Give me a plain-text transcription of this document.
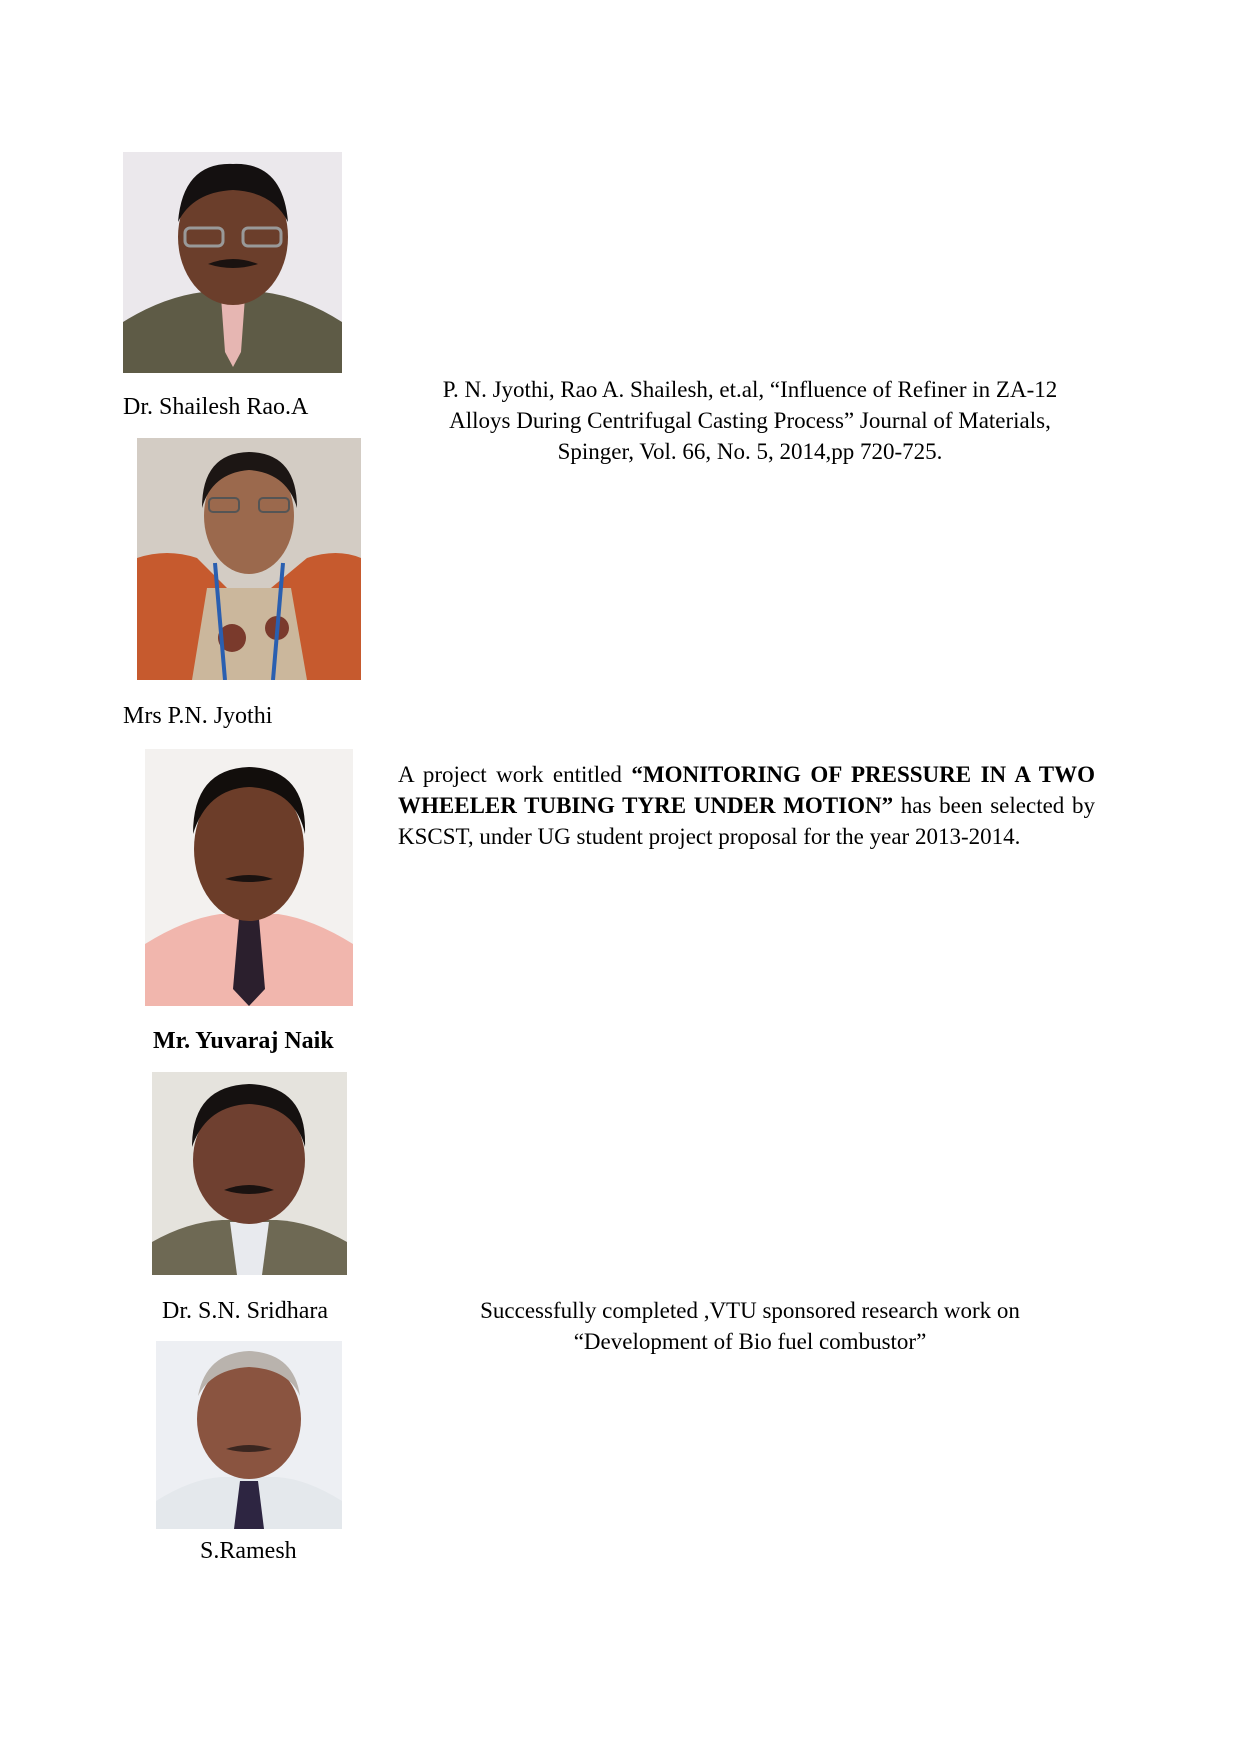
Dr. Shailesh Rao.A
P. N. Jyothi, Rao A. Shailesh, et.al, “Influence of Refiner in ZA-12
Alloys During Centrifugal Casting Process” Journal of Materials,
Spinger, Vol. 66, No. 5, 2014,pp 720-725.
Mrs P.N. Jyothi
Mr. Yuvaraj Naik
A project work entitled “MONITORING OF PRESSURE IN A TWO WHEELER TUBING TYRE UNDER MOTION” has been selected by KSCST, under UG student project proposal for the year 2013-2014.
Dr. S.N. Sridhara	Successfully completed ,VTU sponsored research work on
“Development of Bio fuel combustor”
S.Ramesh
